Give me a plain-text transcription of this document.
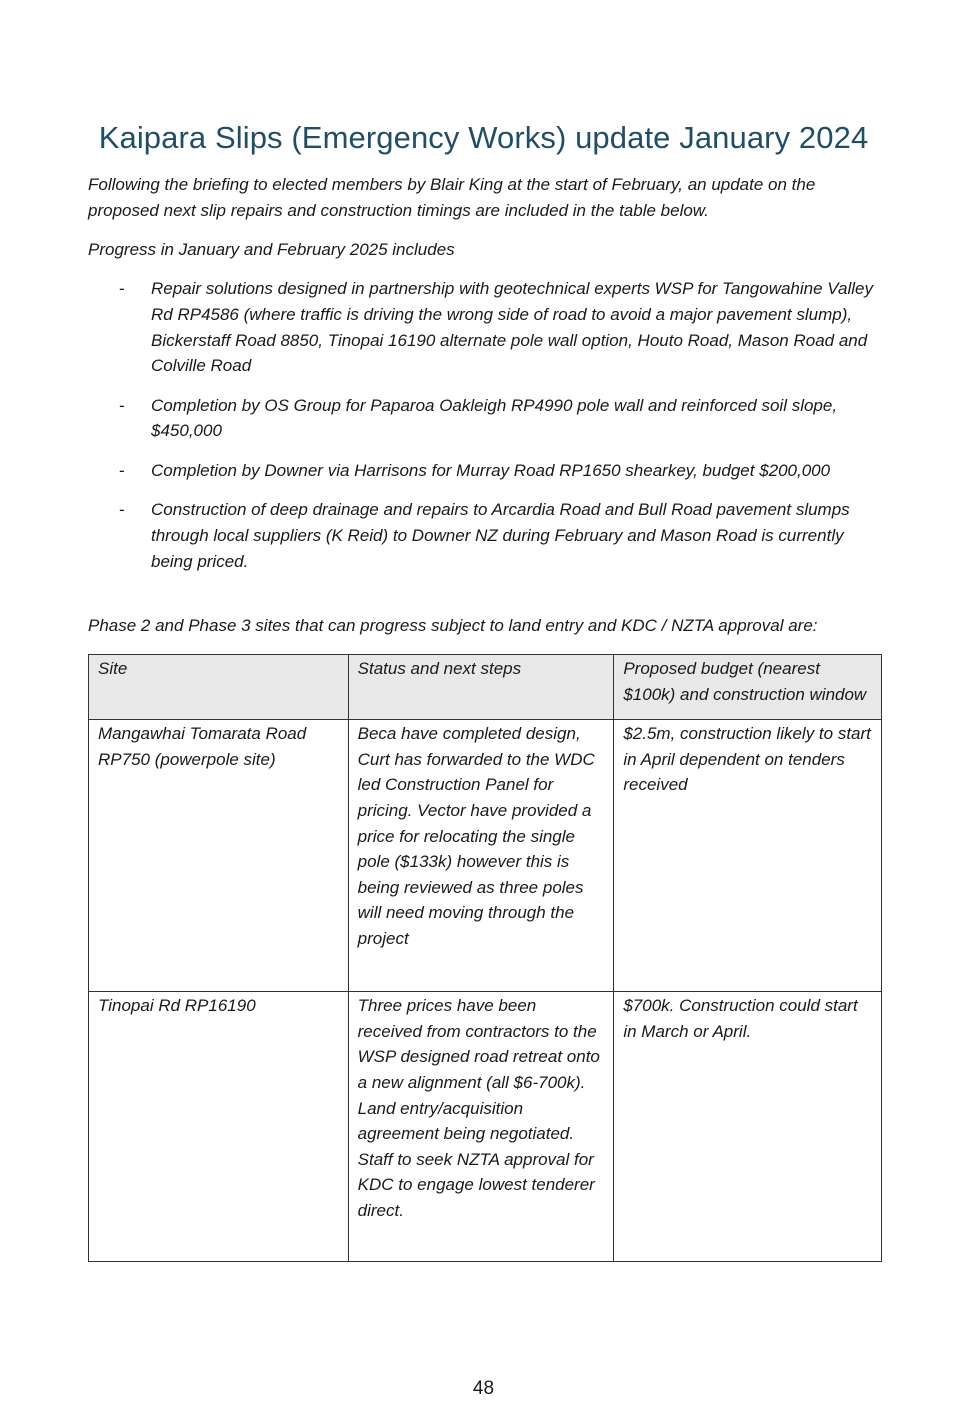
Kaipara Slips (Emergency Works) update January 2024

Following the briefing to elected members by Blair King at the start of February, an update on the proposed next slip repairs and construction timings are included in the table below.

Progress in January and February 2025 includes

- Repair solutions designed in partnership with geotechnical experts WSP for Tangowahine Valley Rd RP4586 (where traffic is driving the wrong side of road to avoid a major pavement slump), Bickerstaff Road 8850, Tinopai 16190 alternate pole wall option, Houto Road, Mason Road and Colville Road
- Completion by OS Group for Paparoa Oakleigh RP4990 pole wall and reinforced soil slope, $450,000
- Completion by Downer via Harrisons for Murray Road RP1650 shearkey, budget $200,000
- Construction of deep drainage and repairs to Arcardia Road and Bull Road pavement slumps through local suppliers (K Reid) to Downer NZ during February and Mason Road is currently being priced.

Phase 2 and Phase 3 sites that can progress subject to land entry and KDC / NZTA approval are:

Site	Status and next steps	Proposed budget (nearest $100k) and construction window
Mangawhai Tomarata Road RP750 (powerpole site)	Beca have completed design, Curt has forwarded to the WDC led Construction Panel for pricing. Vector have provided a price for relocating the single pole ($133k) however this is being reviewed as three poles will need moving through the project	$2.5m, construction likely to start in April dependent on tenders received
Tinopai Rd RP16190	Three prices have been received from contractors to the WSP designed road retreat onto a new alignment (all $6-700k). Land entry/acquisition agreement being negotiated. Staff to seek NZTA approval for KDC to engage lowest tenderer direct.	$700k. Construction could start in March or April.
48
